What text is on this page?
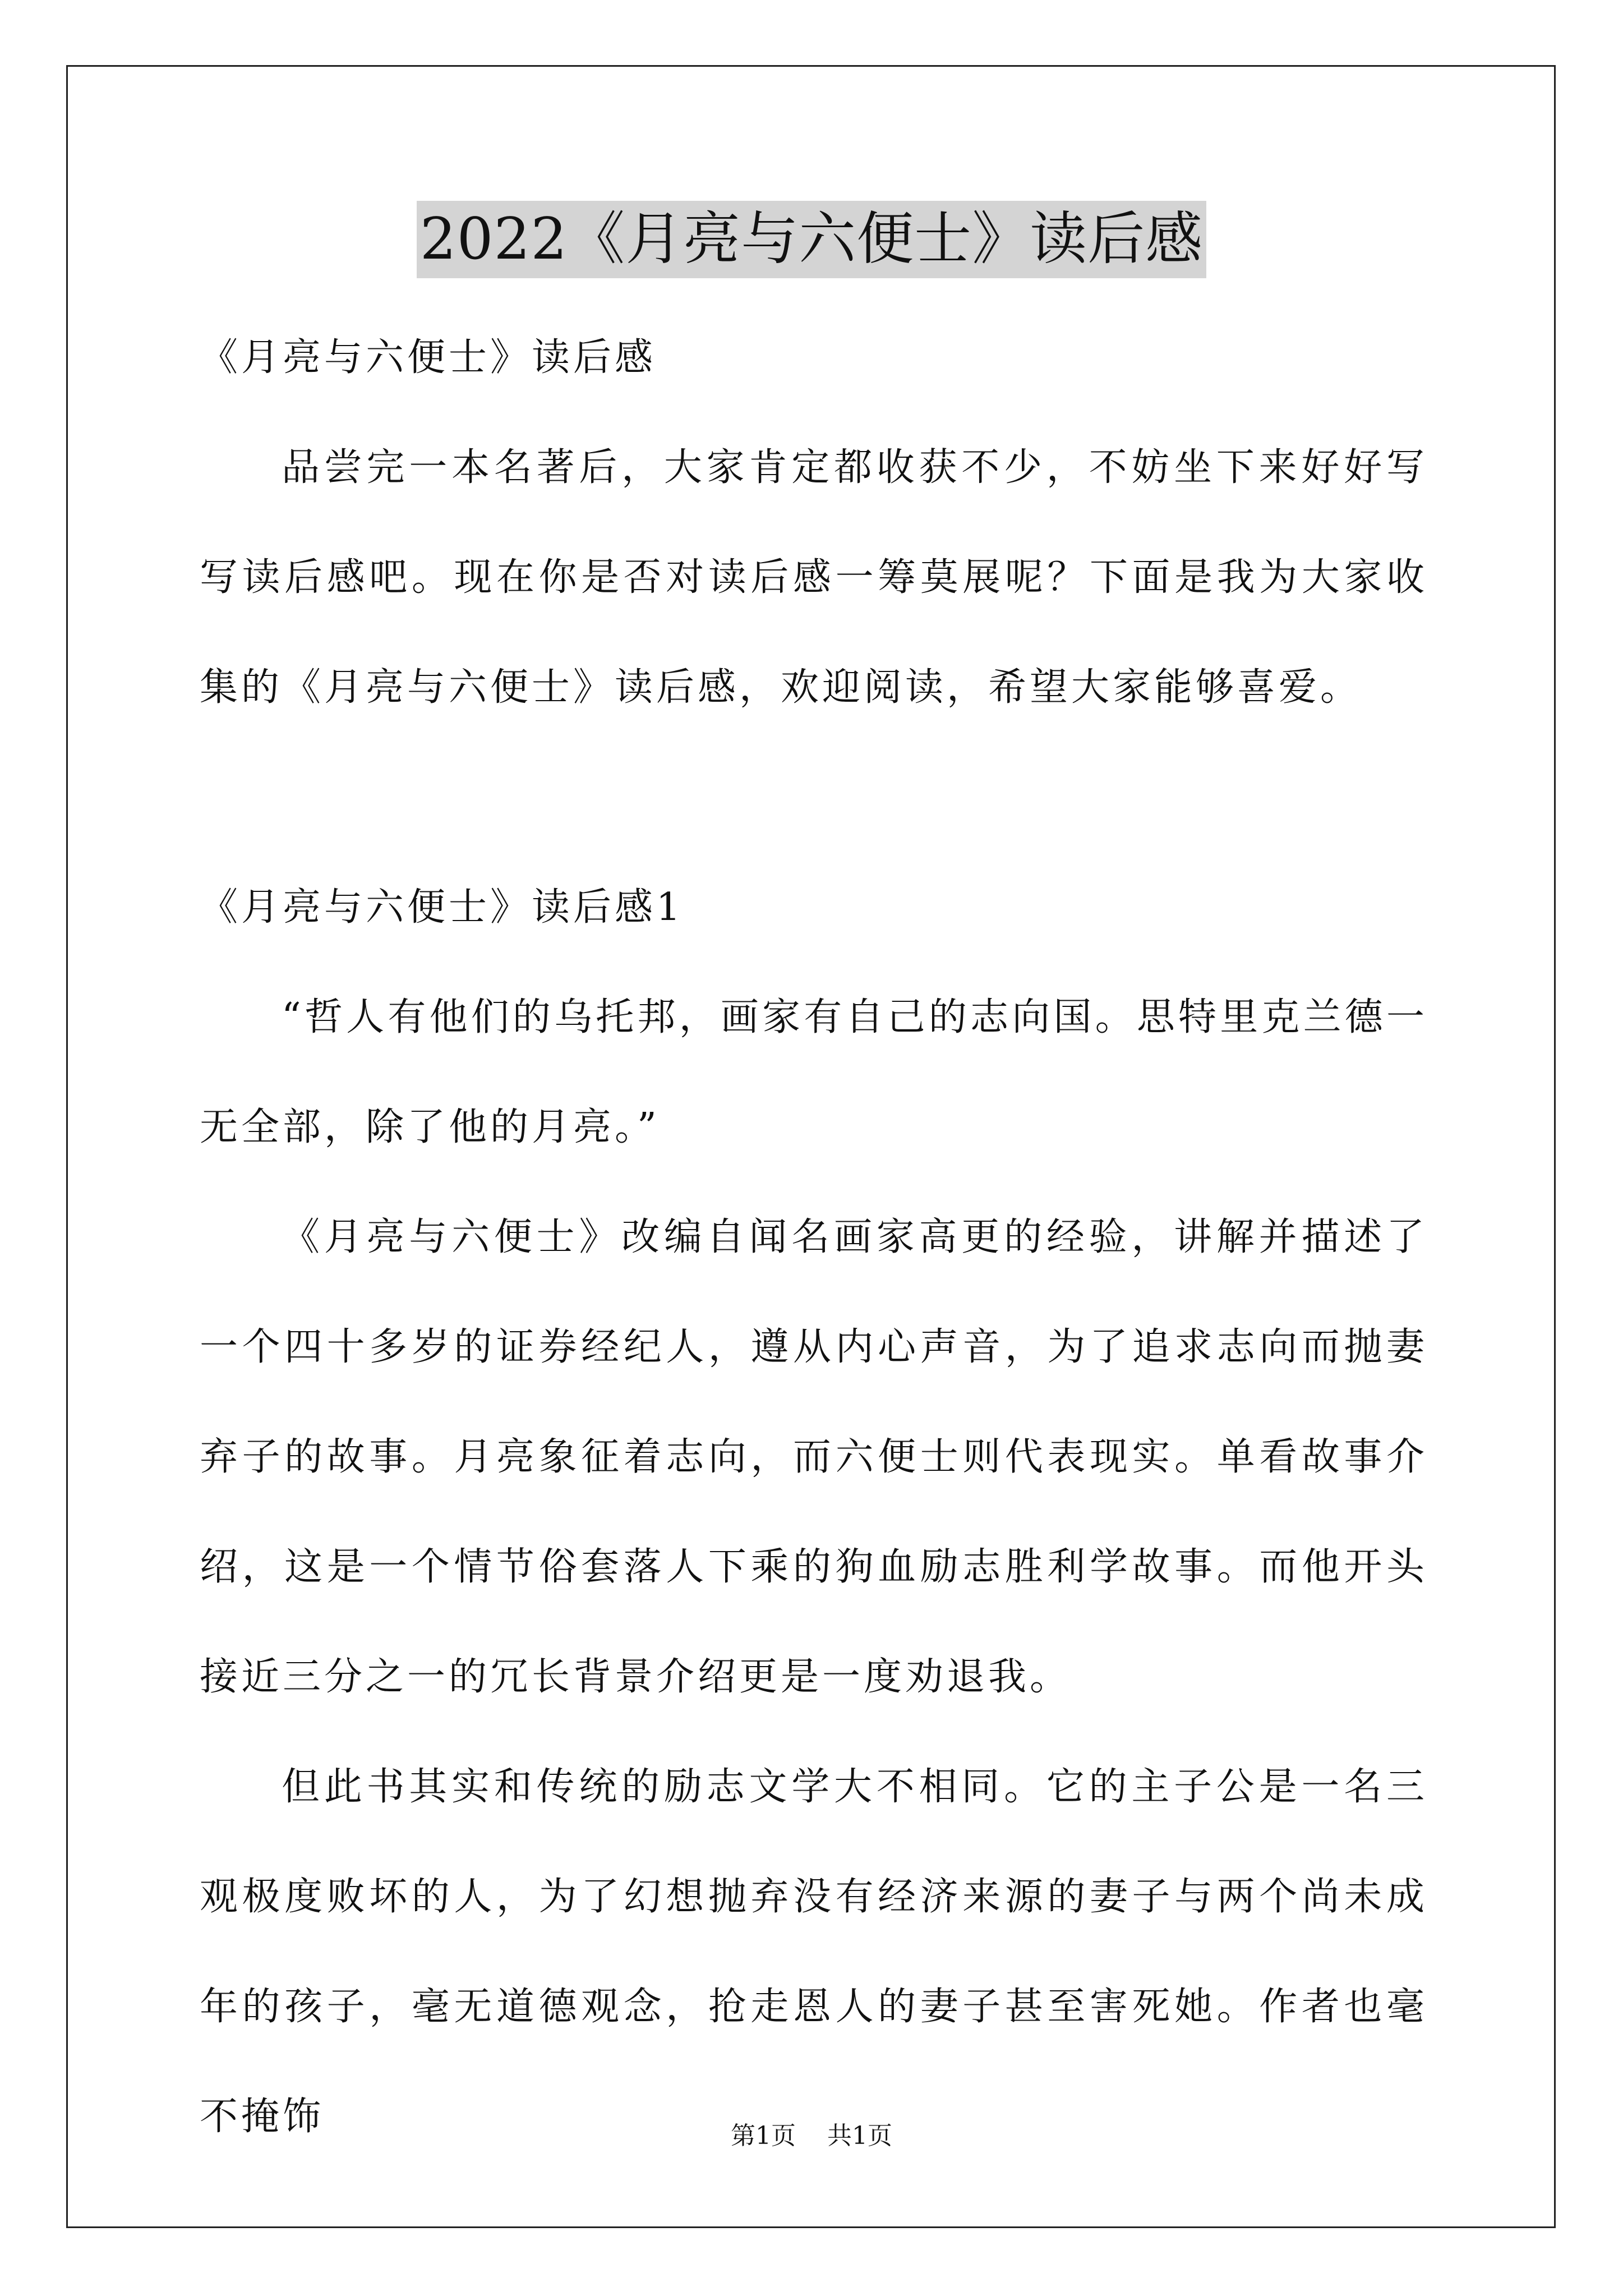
2022《月亮与六便士》读后感

《月亮与六便士》读后感

品尝完一本名著后，大家肯定都收获不少，不妨坐下来好好写写读后感吧。现在你是否对读后感一筹莫展呢？下面是我为大家收集的《月亮与六便士》读后感，欢迎阅读，希望大家能够喜爱。

《月亮与六便士》读后感1

“哲人有他们的乌托邦，画家有自己的志向国。思特里克兰德一无全部，除了他的月亮。”

《月亮与六便士》改编自闻名画家高更的经验，讲解并描述了一个四十多岁的证券经纪人，遵从内心声音，为了追求志向而抛妻弃子的故事。月亮象征着志向，而六便士则代表现实。单看故事介绍，这是一个情节俗套落人下乘的狗血励志胜利学故事。而他开头接近三分之一的冗长背景介绍更是一度劝退我。

但此书其实和传统的励志文学大不相同。它的主子公是一名三观极度败坏的人，为了幻想抛弃没有经济来源的妻子与两个尚未成年的孩子，毫无道德观念，抢走恩人的妻子甚至害死她。作者也毫不掩饰	第1页 共1页
